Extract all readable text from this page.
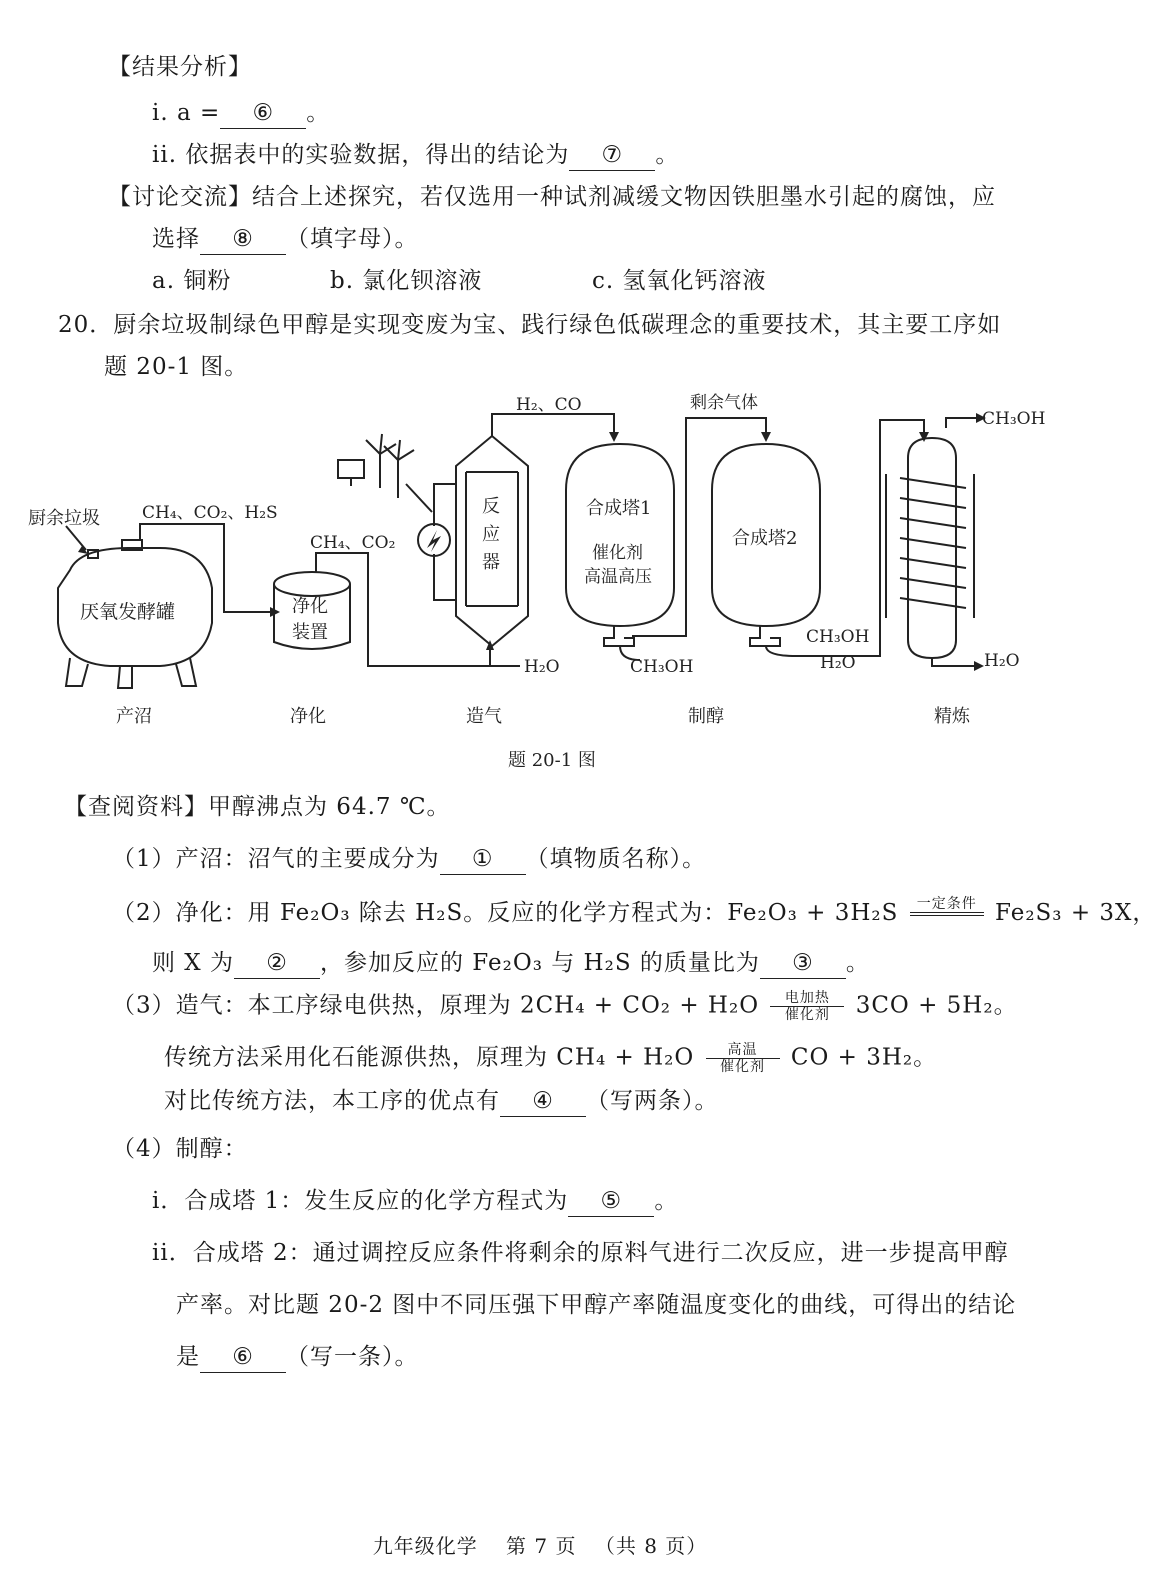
【结果分析】
i. a = ⑥ 。
ii. 依据表中的实验数据，得出的结论为 ⑦ 。
【讨论交流】结合上述探究，若仅选用一种试剂减缓文物因铁胆墨水引起的腐蚀，应
选择 ⑧ （填字母）。
a. 铜粉	b. 氯化钡溶液	c. 氢氧化钙溶液
20．厨余垃圾制绿色甲醇是实现变废为宝、践行绿色低碳理念的重要技术，其主要工序如
题 20-1 图。
厨余垃圾
厌氧发酵罐
CH₄、CO₂、H₂S
CH₄、CO₂
净化
装置
H₂、CO
反
应
器
H₂O
剩余气体
合成塔1
催化剂
高温高压
CH₃OH
合成塔2
CH₃OH
H₂O
CH₃OH
H₂O
产沼	净化	造气	制醇	精炼
题 20-1 图
【查阅资料】甲醇沸点为 64.7 ℃。
（1）产沼：沼气的主要成分为 ① （填物质名称）。
（2）净化：用 Fe₂O₃ 除去 H₂S。反应的化学方程式为：Fe₂O₃ + 3H₂S 一定条件
Fe₂S₃ + 3X，
则 X 为 ② ，参加反应的 Fe₂O₃ 与 H₂S 的质量比为 ③ 。
（3）造气：本工序绿电供热，原理为 $2CH_4 + CO_2 + H_2O \frac{\text{电加热}}{\text{催化剂}} 3CO + 5H_2$。
传统方法采用化石能源供热，原理为 $CH_4 + H_2O \frac{\text{高温}}{\text{催化剂}}$ CO + 3H₂。
对比传统方法，本工序的优点有 ④ （写两条）。
（4）制醇：
i．合成塔 1：发生反应的化学方程式为 ⑤ 。
ii．合成塔 2：通过调控反应条件将剩余的原料气进行二次反应，进一步提高甲醇
产率。对比题 20-2 图中不同压强下甲醇产率随温度变化的曲线，可得出的结论
是 ⑥ （写一条）。
九年级化学　 第 7 页 　（共 8 页）
